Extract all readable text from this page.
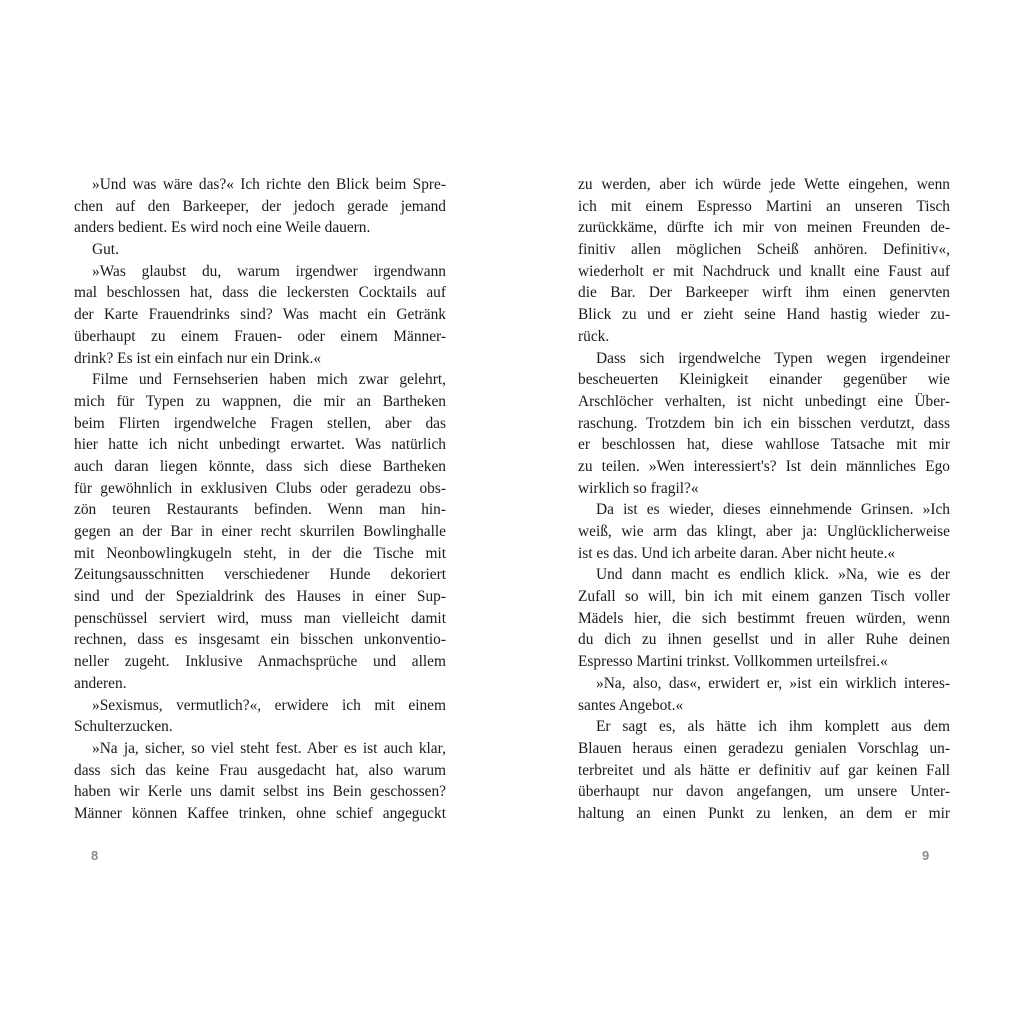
»Und was wäre das?« Ich richte den Blick beim Spre-
chen auf den Barkeeper, der jedoch gerade jemand
anders bedient. Es wird noch eine Weile dauern.
Gut.
»Was glaubst du, warum irgendwer irgendwann
mal beschlossen hat, dass die leckersten Cocktails auf
der Karte Frauendrinks sind? Was macht ein Getränk
überhaupt zu einem Frauen- oder einem Männer-
drink? Es ist ein einfach nur ein Drink.«
Filme und Fernsehserien haben mich zwar gelehrt,
mich für Typen zu wappnen, die mir an Bartheken
beim Flirten irgendwelche Fragen stellen, aber das
hier hatte ich nicht unbedingt erwartet. Was natürlich
auch daran liegen könnte, dass sich diese Bartheken
für gewöhnlich in exklusiven Clubs oder geradezu obs-
zön teuren Restaurants befinden. Wenn man hin-
gegen an der Bar in einer recht skurrilen Bowlinghalle
mit Neonbowlingkugeln steht, in der die Tische mit
Zeitungsausschnitten verschiedener Hunde dekoriert
sind und der Spezialdrink des Hauses in einer Sup-
penschüssel serviert wird, muss man vielleicht damit
rechnen, dass es insgesamt ein bisschen unkonventio-
neller zugeht. Inklusive Anmachsprüche und allem
anderen.
»Sexismus, vermutlich?«, erwidere ich mit einem
Schulterzucken.
»Na ja, sicher, so viel steht fest. Aber es ist auch klar,
dass sich das keine Frau ausgedacht hat, also warum
haben wir Kerle uns damit selbst ins Bein geschossen?
Männer können Kaffee trinken, ohne schief angeguckt
zu werden, aber ich würde jede Wette eingehen, wenn
ich mit einem Espresso Martini an unseren Tisch
zurückkäme, dürfte ich mir von meinen Freunden de-
finitiv allen möglichen Scheiß anhören. Definitiv«,
wiederholt er mit Nachdruck und knallt eine Faust auf
die Bar. Der Barkeeper wirft ihm einen genervten
Blick zu und er zieht seine Hand hastig wieder zu-
rück.
Dass sich irgendwelche Typen wegen irgendeiner
bescheuerten Kleinigkeit einander gegenüber wie
Arschlöcher verhalten, ist nicht unbedingt eine Über-
raschung. Trotzdem bin ich ein bisschen verdutzt, dass
er beschlossen hat, diese wahllose Tatsache mit mir
zu teilen. »Wen interessiert's? Ist dein männliches Ego
wirklich so fragil?«
Da ist es wieder, dieses einnehmende Grinsen. »Ich
weiß, wie arm das klingt, aber ja: Unglücklicherweise
ist es das. Und ich arbeite daran. Aber nicht heute.«
Und dann macht es endlich klick. »Na, wie es der
Zufall so will, bin ich mit einem ganzen Tisch voller
Mädels hier, die sich bestimmt freuen würden, wenn
du dich zu ihnen gesellst und in aller Ruhe deinen
Espresso Martini trinkst. Vollkommen urteilsfrei.«
»Na, also, das«, erwidert er, »ist ein wirklich interes-
santes Angebot.«
Er sagt es, als hätte ich ihm komplett aus dem
Blauen heraus einen geradezu genialen Vorschlag un-
terbreitet und als hätte er definitiv auf gar keinen Fall
überhaupt nur davon angefangen, um unsere Unter-
haltung an einen Punkt zu lenken, an dem er mir
8	9
